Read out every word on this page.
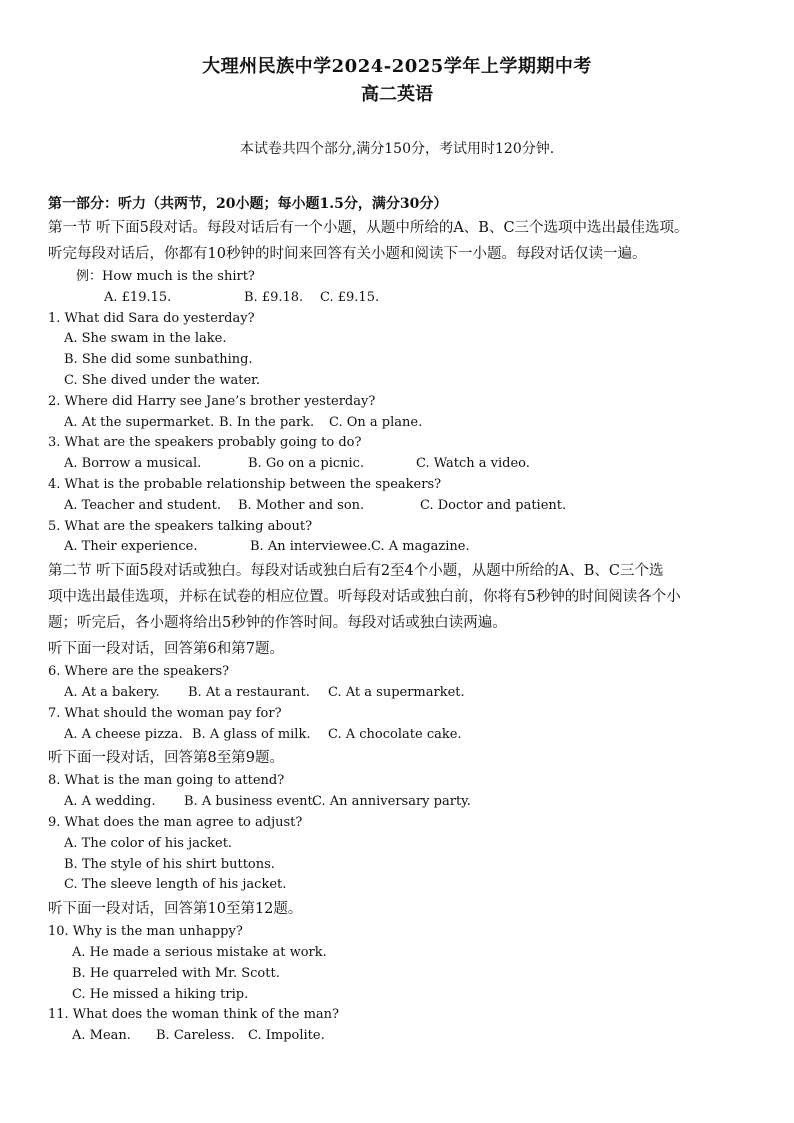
大理州民族中学2024-2025学年上学期期中考
高二英语
本试卷共四个部分,满分150分，考试用时120分钟.
第一部分：听力（共两节，20小题；每小题1.5分，满分30分）
第一节 听下面5段对话。每段对话后有一个小题，从题中所给的A、B、C三个选项中选出最佳选项。
听完每段对话后，你都有10秒钟的时间来回答有关小题和阅读下一小题。每段对话仅读一遍。
例：How much is the shirt?
A. £19.15.	B. £9.18. C. £9.15.
1. What did Sara do yesterday?
A. She swam in the lake.
B. She did some sunbathing.
C. She dived under the water.
2. Where did Harry see Jane’s brother yesterday?
A. At the supermarket. B. In the park. C. On a plane.
3. What are the speakers probably going to do?
A. Borrow a musical.	B. Go on a picnic.	C. Watch a video.
4. What is the probable relationship between the speakers?
A. Teacher and student. B. Mother and son.	C. Doctor and patient.
5. What are the speakers talking about?
A. Their experience.	B. An interviewee.C. A magazine.
第二节 听下面5段对话或独白。每段对话或独白后有2至4个小题，从题中所给的A、B、C三个选
项中选出最佳选项，并标在试卷的相应位置。听每段对话或独白前，你将有5秒钟的时间阅读各个小
题；听完后，各小题将给出5秒钟的作答时间。每段对话或独白读两遍。
听下面一段对话，回答第6和第7题。
6. Where are the speakers?
A. At a bakery. B. At a restaurant. C. At a supermarket.
7. What should the woman pay for?
A. A cheese pizza. B. A glass of milk. C. A chocolate cake.
听下面一段对话，回答第8至第9题。
8. What is the man going to attend?
A. A wedding. B. A business event.C. An anniversary party.
9. What does the man agree to adjust?
A. The color of his jacket.
B. The style of his shirt buttons.
C. The sleeve length of his jacket.
听下面一段对话，回答第10至第12题。
10. Why is the man unhappy?
A. He made a serious mistake at work.
B. He quarreled with Mr. Scott.
C. He missed a hiking trip.
11. What does the woman think of the man?
A. Mean. B. Careless. C. Impolite.
